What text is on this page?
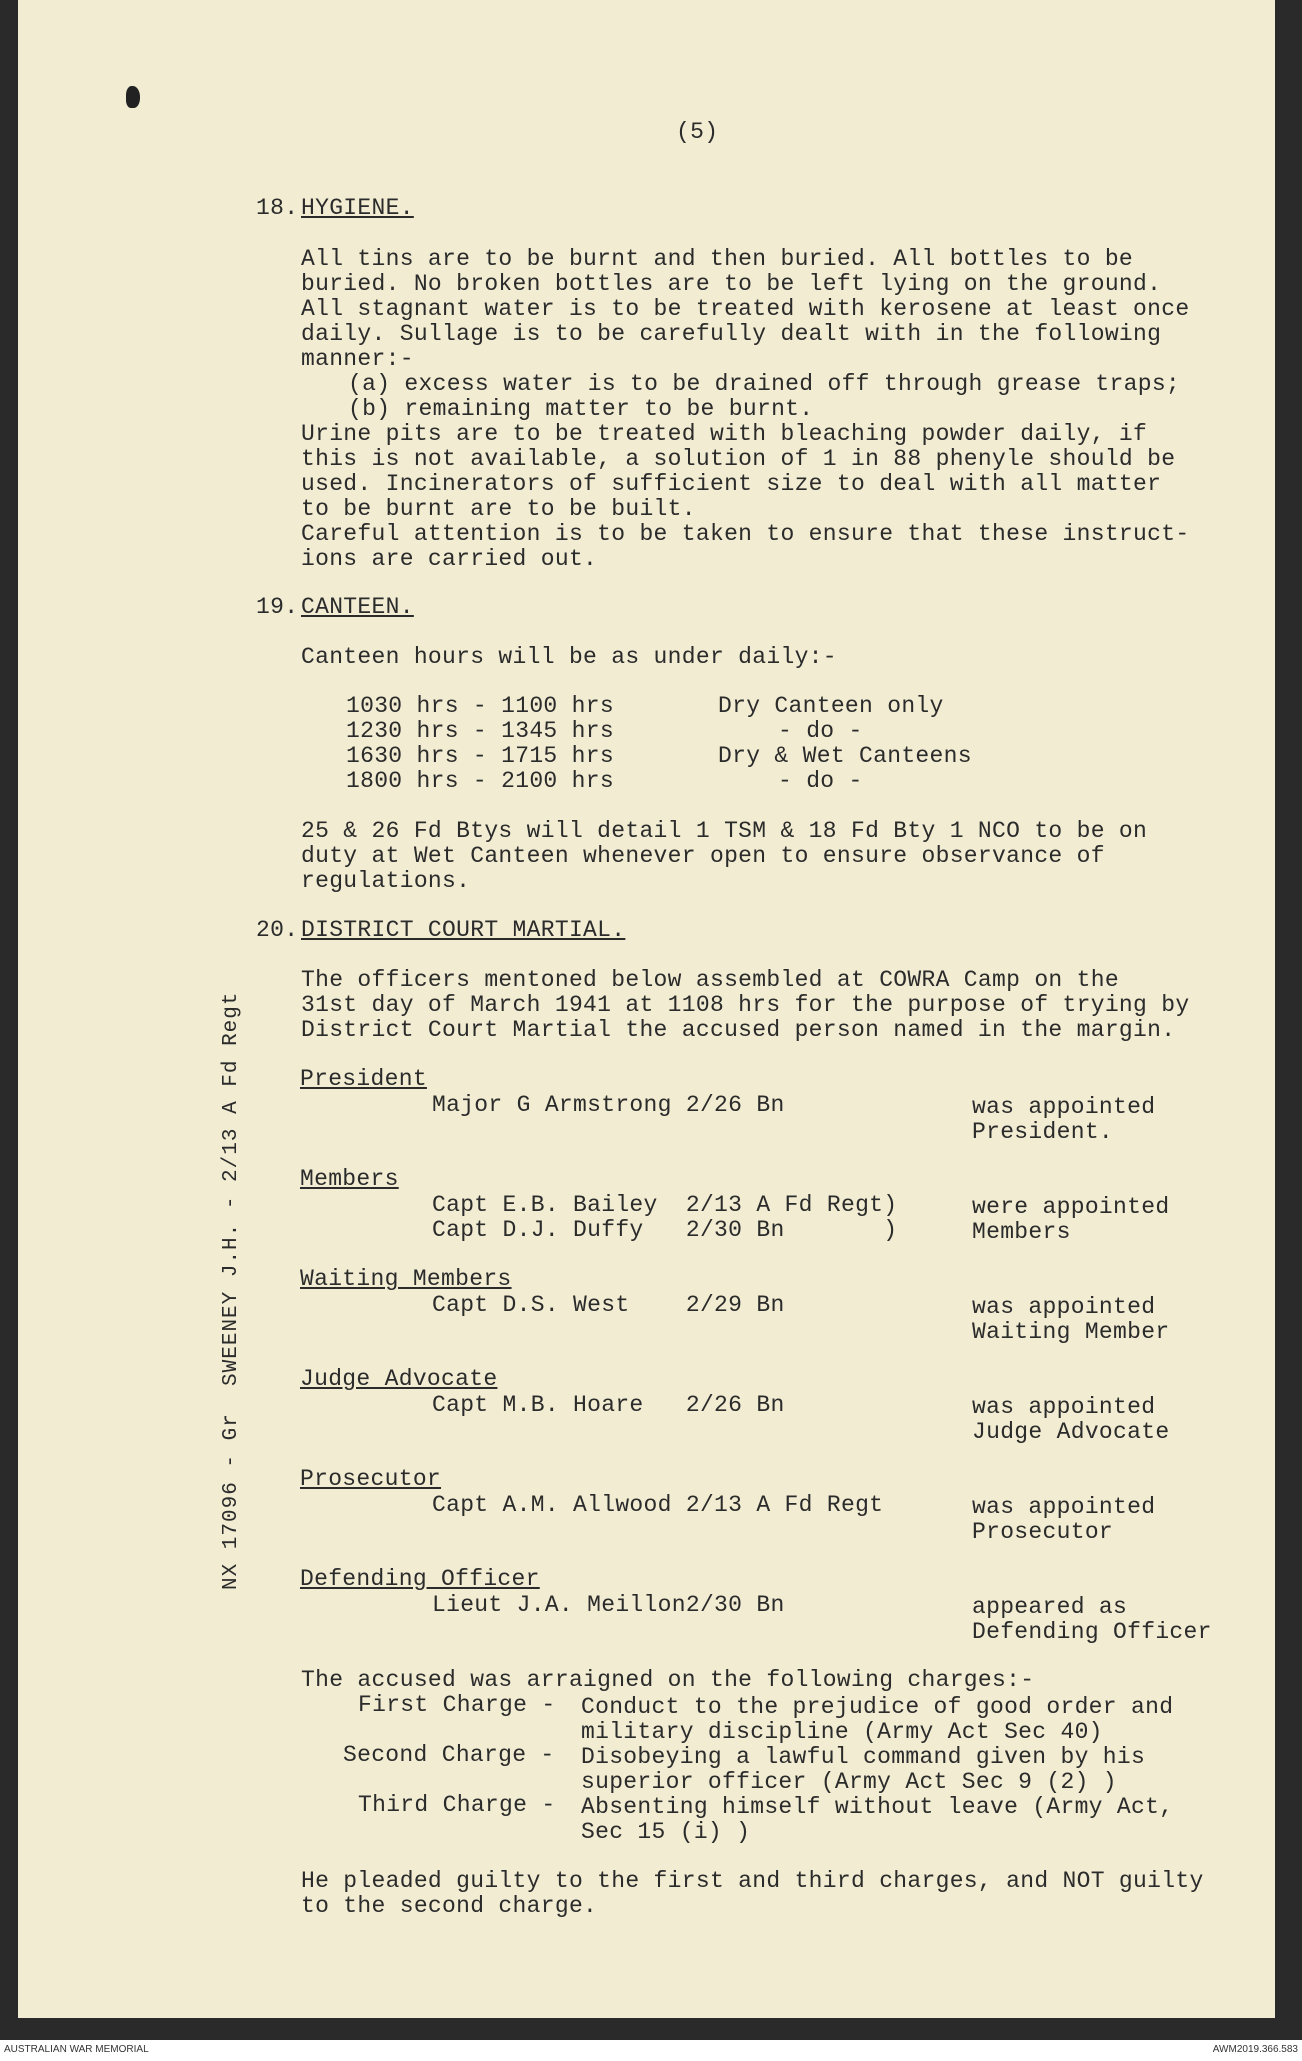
(5)
18. HYGIENE.
All tins are to be burnt and then buried. All bottles to be
buried. No broken bottles are to be left lying on the ground.
All stagnant water is to be treated with kerosene at least once
daily. Sullage is to be carefully dealt with in the following
manner:-
(a) excess water is to be drained off through grease traps;
(b) remaining matter to be burnt.
Urine pits are to be treated with bleaching powder daily, if
this is not available, a solution of 1 in 88 phenyle should be
used. Incinerators of sufficient size to deal with all matter
to be burnt are to be built.
Careful attention is to be taken to ensure that these instruct-
ions are carried out.
19. CANTEEN.
Canteen hours will be as under daily:-
1030 hrs - 1100 hrs	Dry Canteen only
1230 hrs - 1345 hrs	- do -
1630 hrs - 1715 hrs	Dry & Wet Canteens
1800 hrs - 2100 hrs	- do -
25 & 26 Fd Btys will detail 1 TSM & 18 Fd Bty 1 NCO to be on
duty at Wet Canteen whenever open to ensure observance of
regulations.
20. DISTRICT COURT MARTIAL.
The officers mentoned below assembled at COWRA Camp on the
31st day of March 1941 at 1108 hrs for the purpose of trying by
District Court Martial the accused person named in the margin.
President
Major G Armstrong 2/26 Bn	was appointed
President.
Members
Capt E.B. Bailey  2/13 A Fd Regt)
Capt D.J. Duffy   2/30 Bn       )
were appointed
Members
Waiting Members
Capt D.S. West    2/29 Bn	was appointed
Waiting Member
Judge Advocate
Capt M.B. Hoare   2/26 Bn	was appointed
Judge Advocate
Prosecutor
Capt A.M. Allwood 2/13 A Fd Regt	was appointed
Prosecutor
Defending Officer
Lieut J.A. Meillon2/30 Bn	appeared as
Defending Officer
The accused was arraigned on the following charges:-
First Charge - Conduct to the prejudice of good order and
military discipline (Army Act Sec 40)
Second Charge - Disobeying a lawful command given by his
superior officer (Army Act Sec 9 (2) )
Third Charge - Absenting himself without leave (Army Act,
Sec 15 (i) )
He pleaded guilty to the first and third charges, and NOT guilty
to the second charge.
NX 17096 - Gr  SWEENEY J.H. - 2/13 A Fd Regt
AUSTRALIAN WAR MEMORIAL	AWM2019.366.583
